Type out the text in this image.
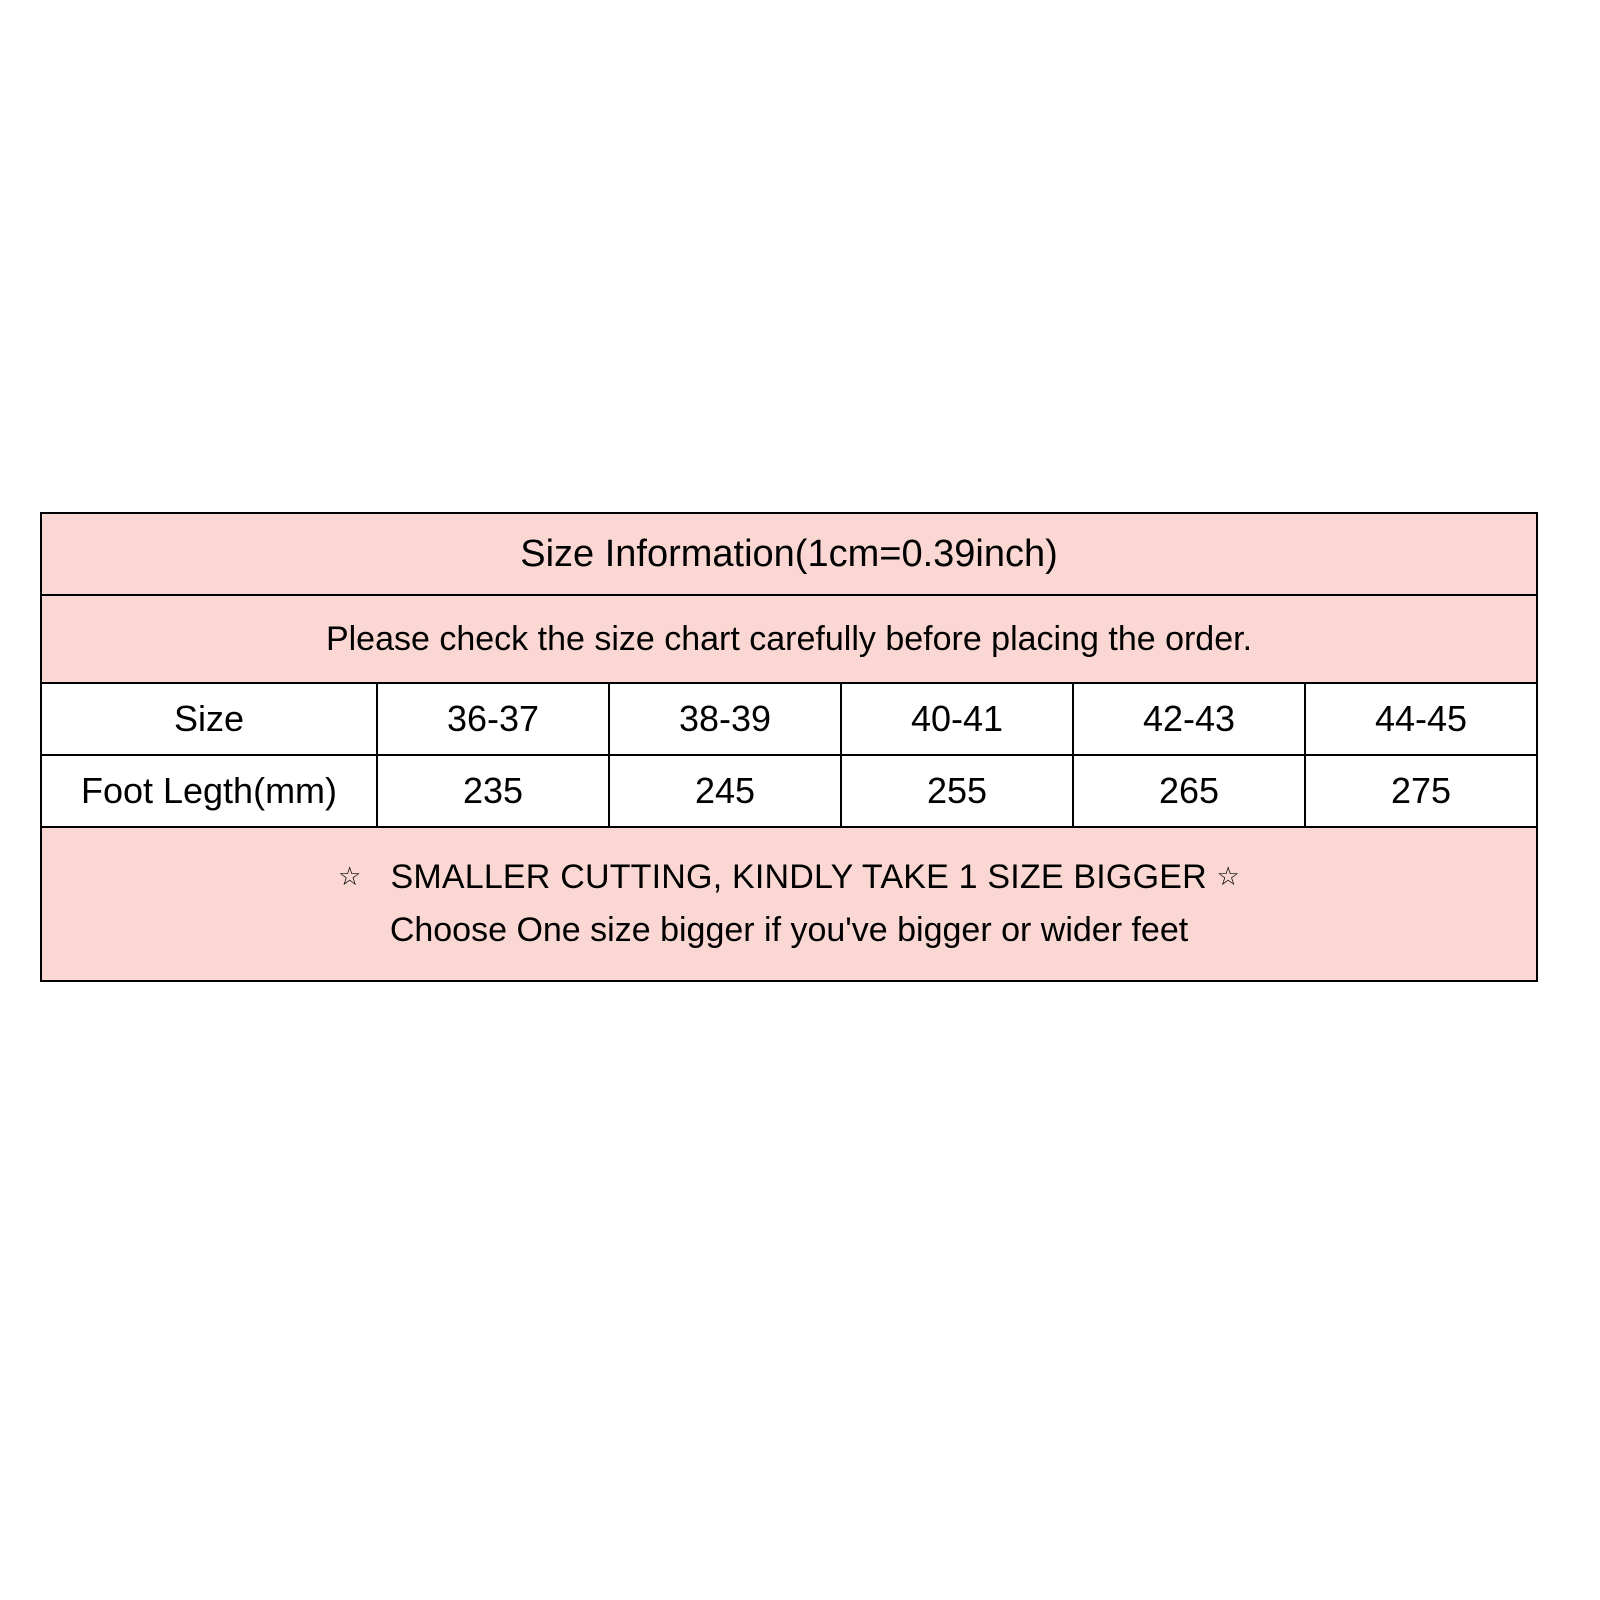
Size Information(1cm=0.39inch)					
Please check the size chart carefully before placing the order.					
Size	36-37	38-39	40-41	42-43	44-45
Foot Legth(mm)	235	245	255	265	275

☆ SMALLER CUTTING, KINDLY TAKE 1 SIZE BIGGER ☆
Choose One size bigger if you've bigger or wider feet					
